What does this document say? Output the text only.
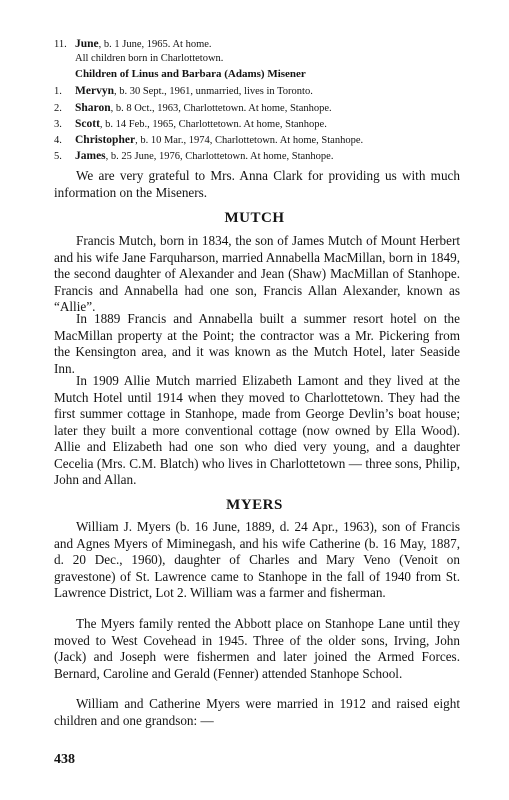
11. June, b. 1 June, 1965. At home.
All children born in Charlottetown.
Children of Linus and Barbara (Adams) Misener
1.	Mervyn, b. 30 Sept., 1961, unmarried, lives in Toronto.
2.	Sharon, b. 8 Oct., 1963, Charlottetown. At home, Stanhope.
3.	Scott, b. 14 Feb., 1965, Charlottetown. At home, Stanhope.
4.	Christopher, b. 10 Mar., 1974, Charlottetown. At home, Stanhope.
5.	James, b. 25 June, 1976, Charlottetown. At home, Stanhope.

We are very grateful to Mrs. Anna Clark for providing us with much information on the Miseners.

MUTCH

Francis Mutch, born in 1834, the son of James Mutch of Mount Herbert and his wife Jane Farquharson, married Annabella MacMillan, born in 1849, the second daughter of Alexander and Jean (Shaw) MacMillan of Stanhope. Francis and Annabella had one son, Francis Allan Alexander, known as “Allie”.

In 1889 Francis and Annabella built a summer resort hotel on the MacMillan property at the Point; the contractor was a Mr. Pickering from the Kensington area, and it was known as the Mutch Hotel, later Seaside Inn.

In 1909 Allie Mutch married Elizabeth Lamont and they lived at the Mutch Hotel until 1914 when they moved to Charlottetown. They had the first summer cottage in Stanhope, made from George Devlin’s boat house; later they built a more conventional cottage (now owned by Ella Wood). Allie and Elizabeth had one son who died very young, and a daughter Cecelia (Mrs. C.M. Blatch) who lives in Charlottetown — three sons, Philip, John and Allan.

MYERS

William J. Myers (b. 16 June, 1889, d. 24 Apr., 1963), son of Francis and Agnes Myers of Miminegash, and his wife Catherine (b. 16 May, 1887, d. 20 Dec., 1960), daughter of Charles and Mary Veno (Venoit on gravestone) of St. Lawrence came to Stanhope in the fall of 1940 from St. Lawrence District, Lot 2. William was a farmer and fisherman.

The Myers family rented the Abbott place on Stanhope Lane until they moved to West Covehead in 1945. Three of the older sons, Irving, John (Jack) and Joseph were fishermen and later joined the Armed Forces. Bernard, Caroline and Gerald (Fenner) attended Stanhope School.

William and Catherine Myers were married in 1912 and raised eight children and one grandson: —

438
